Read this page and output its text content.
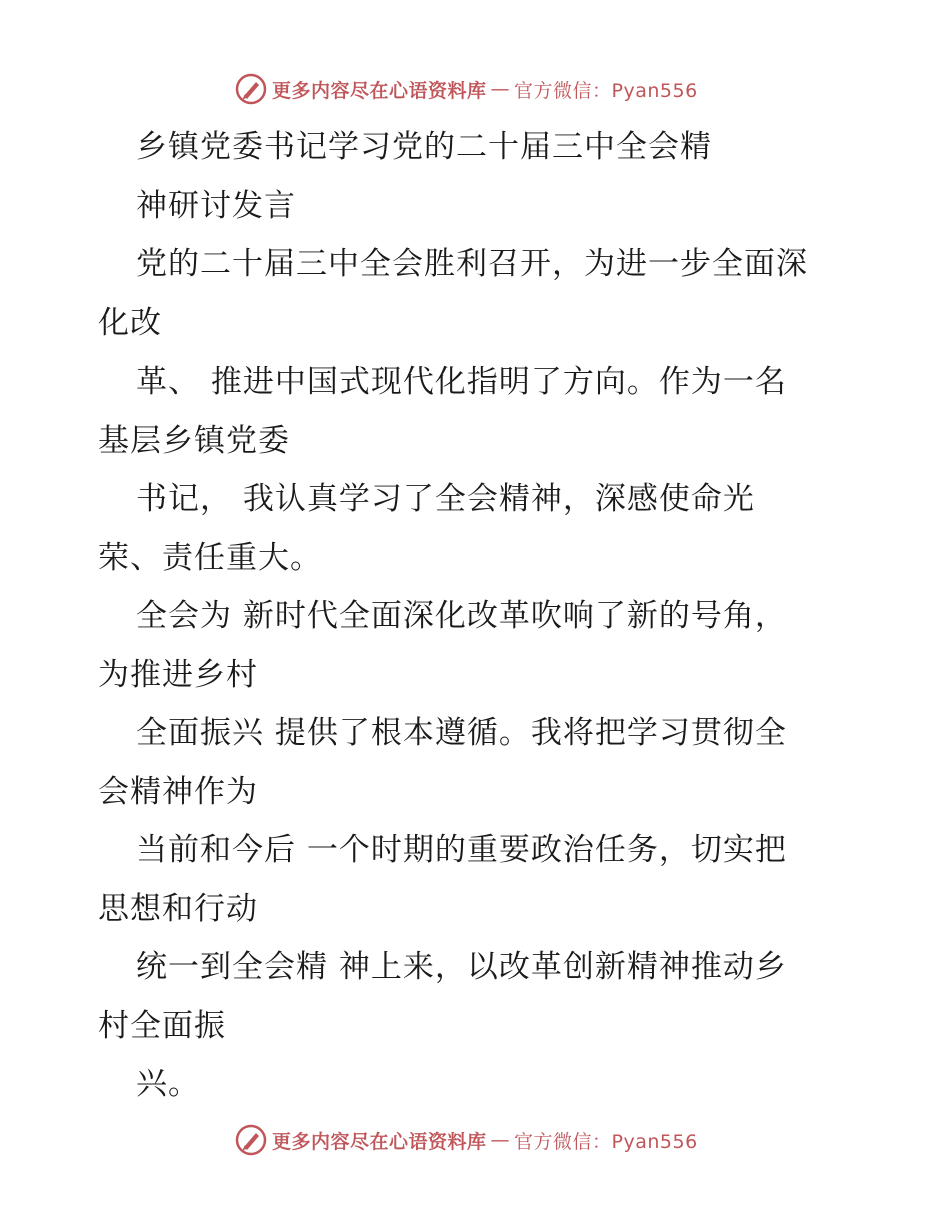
更多内容尽在心语资料库 — 官方微信：Pyan556
乡镇党委书记学习党的二十届三中全会精
神研讨发言
党的二十届三中全会胜利召开，为进一步全面深
化改
革、 推进中国式现代化指明了方向。作为一名
基层乡镇党委
书记， 我认真学习了全会精神，深感使命光
荣、责任重大。
全会为 新时代全面深化改革吹响了新的号角，
为推进乡村
全面振兴 提供了根本遵循。我将把学习贯彻全
会精神作为
当前和今后 一个时期的重要政治任务，切实把
思想和行动
统一到全会精 神上来，以改革创新精神推动乡
村全面振
兴。
更多内容尽在心语资料库 — 官方微信：Pyan556
